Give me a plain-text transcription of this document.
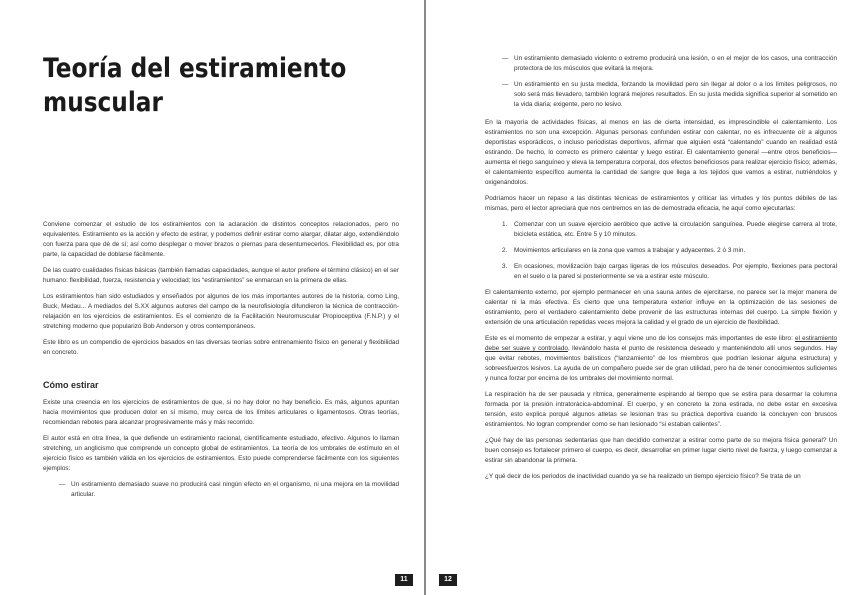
Teoría del estiramiento
muscular

Conviene comenzar el estudio de los estiramientos con la aclaración de distintos conceptos relacionados, pero no equivalentes. Estiramiento es la acción y efecto de estirar, y podemos definir estirar como alargar, dilatar algo, extendiéndolo con fuerza para que dé de sí; así como desplegar o mover brazos o piernas para desentumecerlos. Flexibilidad es, por otra parte, la capacidad de doblarse fácilmente.

De las cuatro cualidades físicas básicas (también llamadas capacidades, aunque el autor prefiere el término clásico) en el ser humano: flexibilidad, fuerza, resistencia y velocidad; los “estiramientos” se enmarcan en la primera de ellas.

Los estiramientos han sido estudiados y enseñados por algunos de los más importantes autores de la historia, como Ling, Buck, Medau... A mediados del S.XX algunos autores del campo de la neurofisiología difundieron la técnica de contracción-relajación en los ejercicios de estiramientos. Es el comienzo de la Facilitación Neuromuscular Propioceptiva (F.N.P.) y el stretching moderno que popularizó Bob Anderson y otros contemporáneos.

Este libro es un compendio de ejercicios basados en las diversas teorías sobre entrenamiento físico en general y flexibilidad en concreto.

Cómo estirar

Existe una creencia en los ejercicios de estiramientos de que, si no hay dolor no hay beneficio. Es más, algunos apuntan hacia movimientos que producen dolor en sí mismo, muy cerca de los límites articulares o ligamentosos. Otras teorías, recomiendan rebotes para alcanzar progresivamente más y más recorrido.

El autor está en otra línea, la que defiende un estiramiento racional, científicamente estudiado, efectivo. Algunos lo llaman stretching, un anglicismo que comprende un concepto global de estiramientos. La teoría de los umbrales de estímulo en el ejercicio físico es también válida en los ejercicios de estiramientos. Esto puede comprenderse fácilmente con los siguientes ejemplos:

— Un estiramiento demasiado suave no producirá casi ningún efecto en el organismo, ni una mejora en la movilidad articular.
11
— Un estiramiento demasiado violento o extremo producirá una lesión, o en el mejor de los casos, una contracción protectora de los músculos que evitará la mejora.
— Un estiramiento en su justa medida, forzando la movilidad pero sin llegar al dolor o a los límites peligrosos, no solo será más llevadero, también logrará mejores resultados. En su justa medida significa superior al sometido en la vida diaria; exigente, pero no lesivo.

En la mayoría de actividades físicas, al menos en las de cierta intensidad, es imprescindible el calentamiento. Los estiramientos no son una excepción. Algunas personas confunden estirar con calentar, no es infrecuente oír a algunos deportistas esporádicos, o incluso periodistas deportivos, afirmar que alguien está “calentando” cuando en realidad está estirando. De hecho, lo correcto es primero calentar y luego estirar. El calentamiento general —entre otros beneficios— aumenta el riego sanguíneo y eleva la temperatura corporal, dos efectos beneficiosos para realizar ejercicio físico; además, el calentamiento específico aumenta la cantidad de sangre que llega a los tejidos que vamos a estirar, nutriéndolos y oxigenándolos.

Podríamos hacer un repaso a las distintas técnicas de estiramientos y criticar las virtudes y los puntos débiles de las mismas, pero el lector apreciará que nos centremos en las de demostrada eficacia, he aquí como ejecutarlas:

1.	Comenzar con un suave ejercicio aeróbico que active la circulación sanguínea. Puede elegirse carrera al trote, bicicleta estática, etc. Entre 5 y 10 minutos.
2.	Movimientos articulares en la zona que vamos a trabajar y adyacentes. 2 ó 3 min.
3.	En ocasiones, movilización bajo cargas ligeras de los músculos deseados. Por ejemplo, flexiones para pectoral en el suelo o la pared si posteriormente se va a estirar este músculo.

El calentamiento externo, por ejemplo permanecer en una sauna antes de ejercitarse, no parece ser la mejor manera de calentar ni la más efectiva. Es cierto que una temperatura exterior influye en la optimización de las sesiones de estiramiento, pero el verdadero calentamiento debe provenir de las estructuras internas del cuerpo. La simple flexión y extensión de una articulación repetidas veces mejora la calidad y el grado de un ejercicio de flexibilidad.

Este es el momento de empezar a estirar, y aquí viene uno de los consejos más importantes de este libro: el estiramiento debe ser suave y controlado, llevándolo hasta el punto de resistencia deseado y manteniéndolo allí unos segundos. Hay que evitar rebotes, movimientos balísticos (“lanzamiento” de los miembros que podrían lesionar alguna estructura) y sobreesfuerzos lesivos. La ayuda de un compañero puede ser de gran utilidad, pero ha de tener conocimientos suficientes y nunca forzar por encima de los umbrales del movimiento normal.

La respiración ha de ser pausada y rítmica, generalmente espirando al tiempo que se estira para desarmar la columna formada por la presión intratorácica-abdominal. El cuerpo, y en concreto la zona estirada, no debe estar en excesiva tensión, esto explica porqué algunos atletas se lesionan tras su práctica deportiva cuando la concluyen con bruscos estiramientos. No logran comprender como se han lesionado “si estaban calientes”.

¿Qué hay de las personas sedentarias que han decidido comenzar a estirar como parte de su mejora física general? Un buen consejo es fortalecer primero el cuerpo, es decir, desarrollar en primer lugar cierto nivel de fuerza, y luego comenzar a estirar sin abandonar la primera.

¿Y qué decir de los periodos de inactividad cuando ya se ha realizado un tiempo ejercicio físico? Se trata de un

12
